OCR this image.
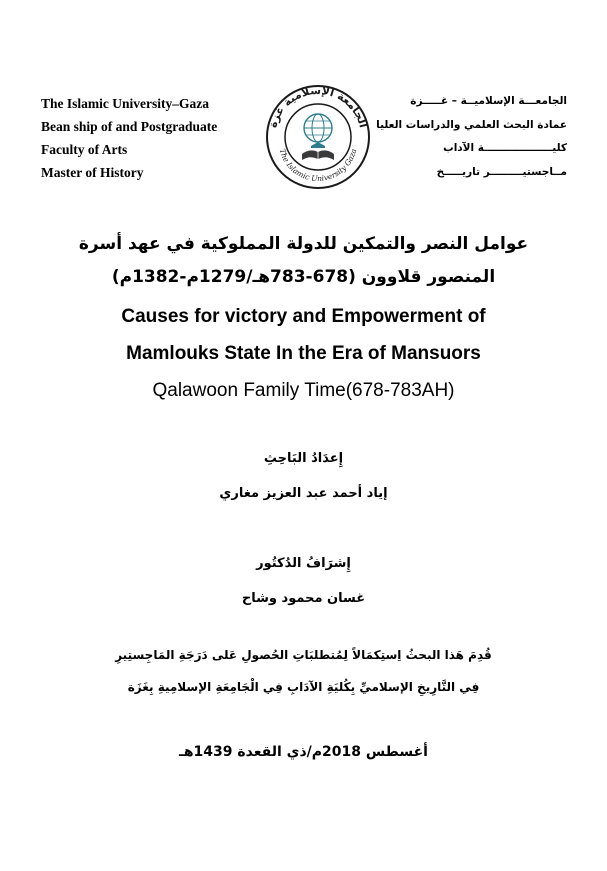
The Islamic University–Gaza
Bean ship of and Postgraduate
Faculty of Arts
Master of History
الجامعة الإسلامية غزة
The Islamic University Gaza
الجامعـــة الإسلاميــة – غـــــزة
عمادة البحث العلمي والدراسات العليا
كليـــــــــــــــــــة الآداب
مــاجستيـــــــــر تاريـــــخ
عوامل النصر والتمكين للدولة المملوكية في عهد أسرة
المنصور قلاوون (678-783هـ/1279م-1382م)
Causes for victory and Empowerment of
Mamlouks State In the Era of Mansuors
Qalawoon Family Time(678-783AH)
إِعدَادُ البَاحِثِ
إياد أحمد عبد العزيز مغاري
إِشرَافُ الدُكتُور
غسان محمود وشاح
قُدِمَ هَذا البحثُ اِستِكمَالاً لِمُتطلبَاتِ الحُصولِ عَلى دَرَجَةِ المَاجِستِيرِ
فِي التَّارِيخِ الإسلاميِّ بِكُليَةِ الآدَابِ فِي الْجَامِعَةِ الإسلامِيةِ بِغَزَة
أغسطس 2018م/ذي القعدة 1439هـ
